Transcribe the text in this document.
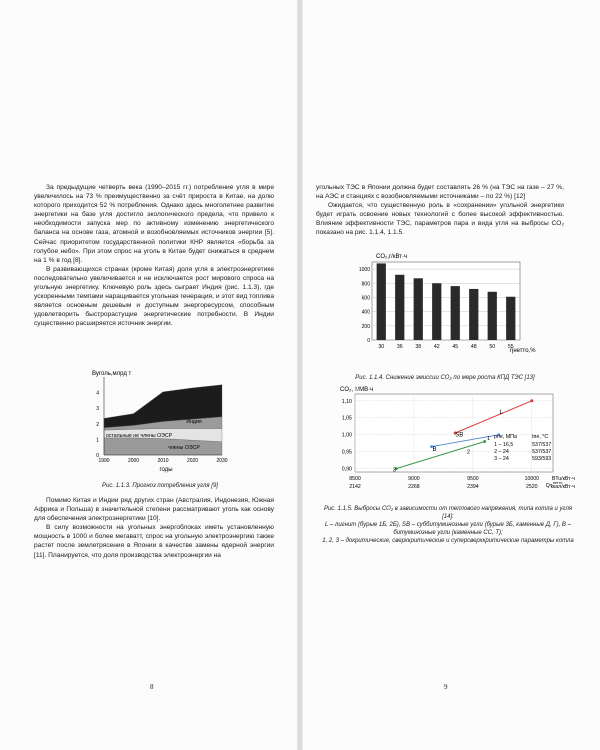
За предыдущие четверть века (1990–2015 гг.) потребление угля в мире увеличилось на 73 % преимущественно за счёт прироста в Китае, на долю которого приходится 52 % потребления. Однако здесь многолетнее развитие энергетики на базе угля достигло экологического предела, что привело к необходимости запуска мер по активному изменению энергетического баланса на основе газа, атомной и возобновляемых источников энергии [5]. Сейчас приоритетом государственной политики КНР является «борьба за голубое небо». При этом спрос на уголь в Китае будет снижаться в среднем на 1 % в год [8].

В развивающихся странах (кроме Китая) доля угля в электроэнергетике последовательно увеличивается и не исключается рост мирового спроса на угольную энергетику. Ключевую роль здесь сыграет Индия (рис. 1.1.3), где ускоренными темпами наращивается угольная генерация, и этот вид топлива является основным дешевым и доступным энергоресурсом, способным удовлетворить быстрорастущие энергетические потребности. В Индии существенно расширяется источник энергии.

Вуголь,млрд т
0
1
2
3
4
1990	2000	2010	2020	2030
члены ОЭСР
остальные не члены ОЭСР
Индия
Китай
годы
Рис. 1.1.3. Прогноз потребления угля [9]

Помимо Китая и Индии ряд других стран (Австралия, Индонезия, Южная Африка и Польша) в значительной степени рассматривают уголь как основу для обеспечения электроэнергетики [10].

В силу возможности на угольных энергоблоках иметь установленную мощность в 1000 и более мегаватт, спрос на угольную электроэнергию также растет после землетрясения в Японии в качестве замены ядерной энергии [11]. Планируется, что доля производства электроэнергии на

8

угольных ТЭС в Японии должна будет составлять 26 % (на ТЭС на газе – 27 %, на АЭС и станциях с возобновляемыми источниками – по 22 %) [12]

Ожидается, что существенную роль в «сохранении» угольной энергетики будет играть освоение новых технологий с более высокой эффективностью. Влияние эффективности ТЭС, параметров пара и вида угля на выбросы CO₂ показано на рис. 1.1.4, 1.1.5.

CO₂,г/кВт·ч
0
200
400
600
800
1000
30 36 38 42 45 48 50 55
ηнетто,%
Рис. 1.1.4. Снижение эмиссии CO₂ по мере роста КПД ТЭС [13]
CO₂, т/МВ·ч
0,90
0,95
1,00
1,05
1,10
8500
2142
9000
2268
9500
2394
10000
2520 Qт нетто
BTu/кВт·ч
ккал/кВт·ч
L
SB
B
1
2
3
pпе, МПа	tпе, °C
1 – 16,5	537/537
2 – 24	537/537
3 – 24	593/593
Рис. 1.1.5. Выбросы CO₂ в зависимости от теплового напряжения, типа котла и угля [14]:
L – лигнит (бурые 1Б, 2Б), SB – суббитуминозные угли (бурые 3Б, каменные Д, Г), B – битуминозные угли (каменные СС, Т);
1, 2, 3 – докритические, сверхкритические и суперсверхкритические параметры котла
9
